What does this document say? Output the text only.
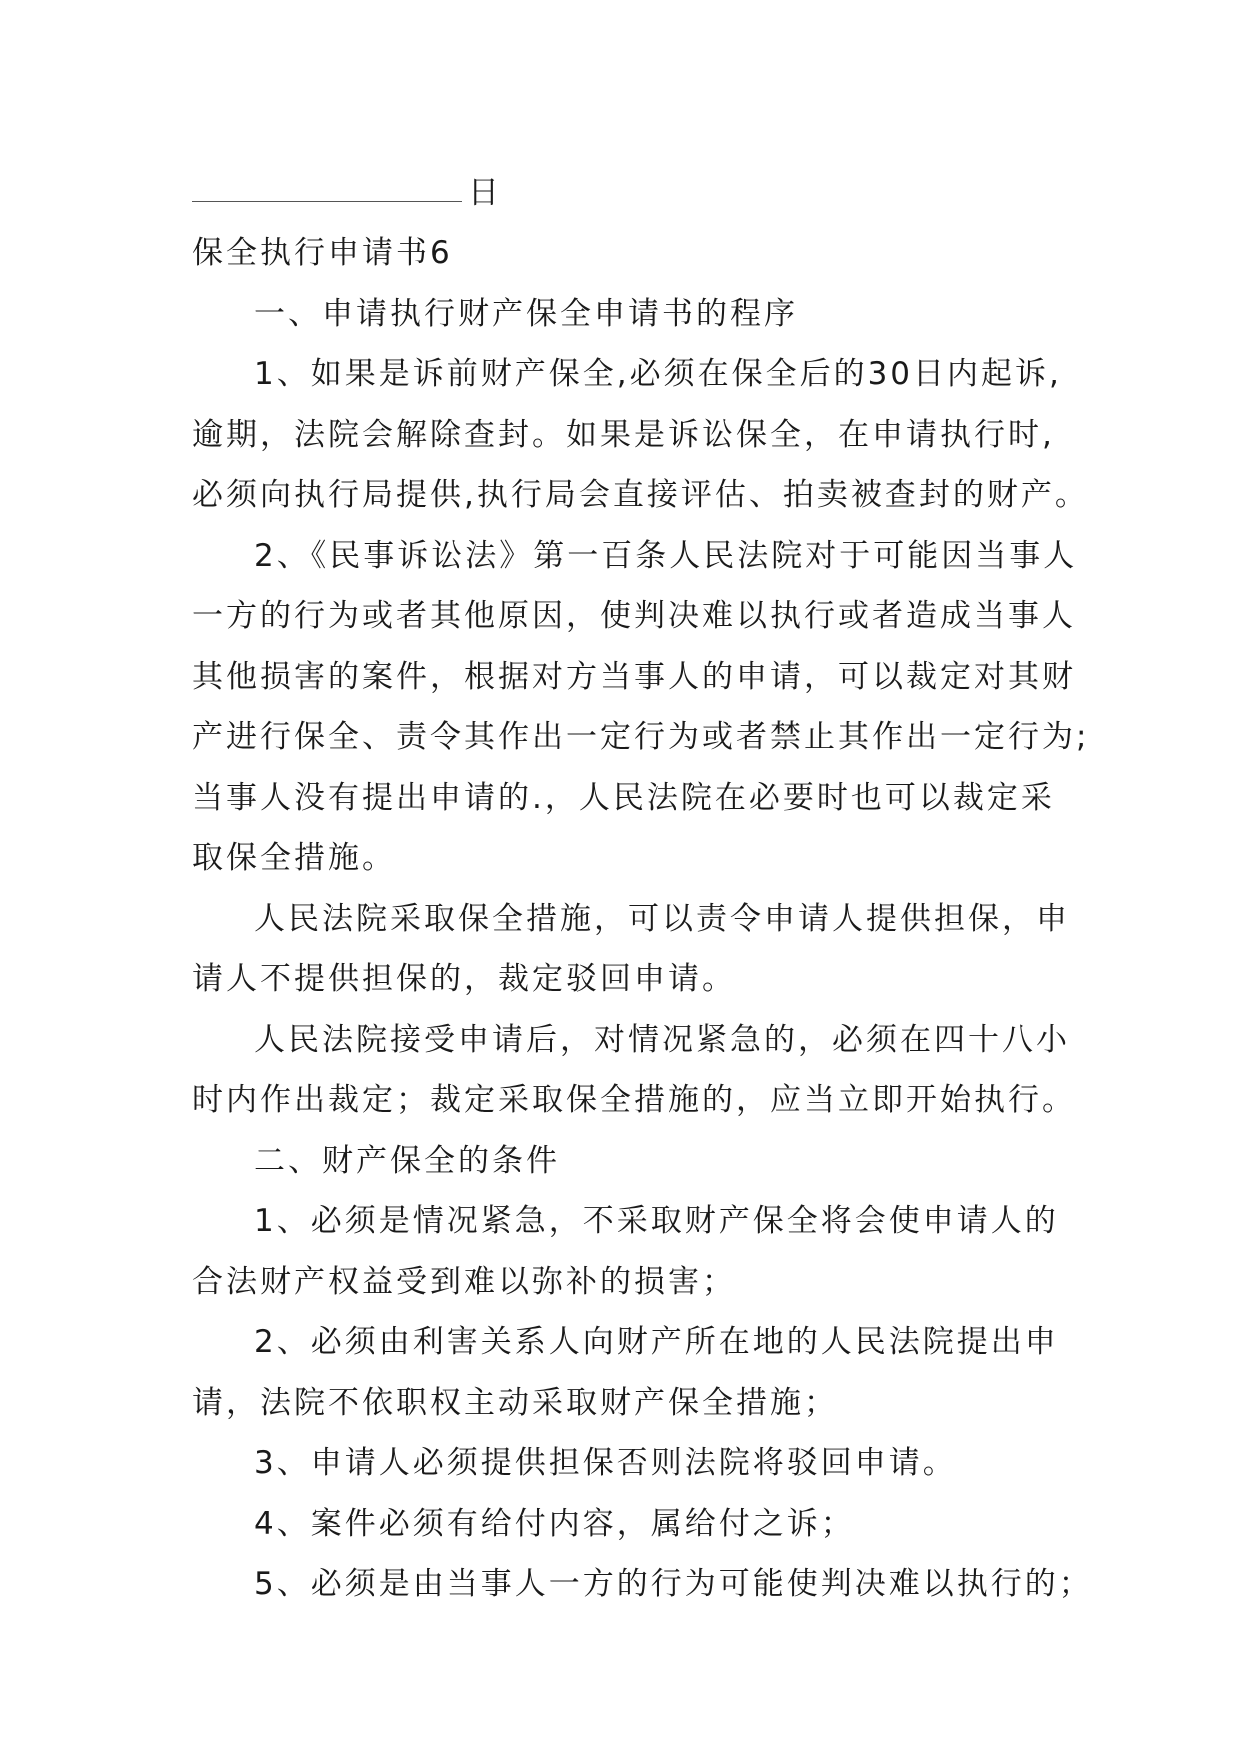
日
保全执行申请书6
一、申请执行财产保全申请书的程序
1、如果是诉前财产保全,必须在保全后的30日内起诉,
逾期，法院会解除查封。如果是诉讼保全，在申请执行时,
必须向执行局提供,执行局会直接评估、拍卖被查封的财产。
2、《民事诉讼法》第一百条人民法院对于可能因当事人
一方的行为或者其他原因，使判决难以执行或者造成当事人
其他损害的案件，根据对方当事人的申请，可以裁定对其财
产进行保全、责令其作出一定行为或者禁止其作出一定行为;
当事人没有提出申请的.，人民法院在必要时也可以裁定采
取保全措施。
人民法院采取保全措施，可以责令申请人提供担保，申
请人不提供担保的，裁定驳回申请。
人民法院接受申请后，对情况紧急的，必须在四十八小
时内作出裁定；裁定采取保全措施的，应当立即开始执行。
二、财产保全的条件
1、必须是情况紧急，不采取财产保全将会使申请人的
合法财产权益受到难以弥补的损害；
2、必须由利害关系人向财产所在地的人民法院提出申
请，法院不依职权主动采取财产保全措施；
3、申请人必须提供担保否则法院将驳回申请。
4、案件必须有给付内容，属给付之诉；
5、必须是由当事人一方的行为可能使判决难以执行的；
